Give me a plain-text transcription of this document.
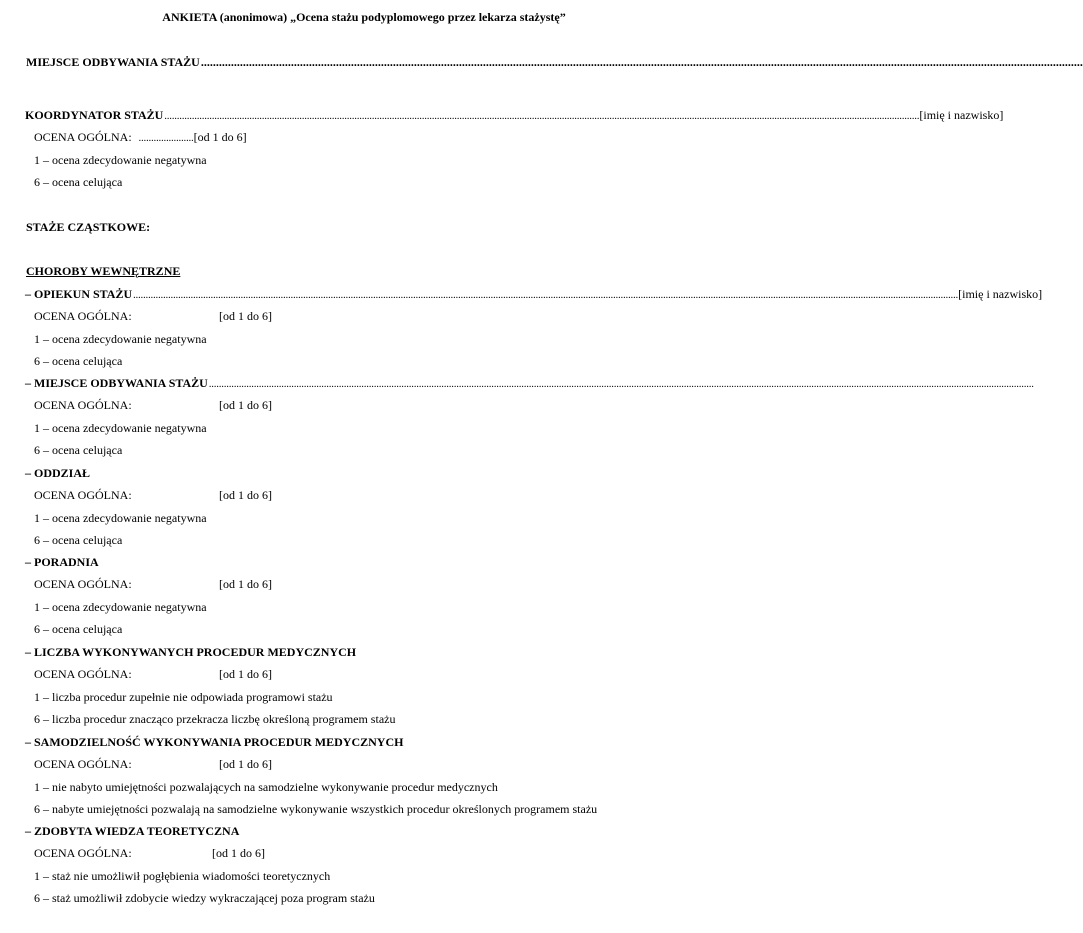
ANKIETA (anonimowa) „Ocena stażu podyplomowego przez lekarza stażystę”
MIEJSCE ODBYWANIA STAŻU ......................................................................................................................................................................................................................................................................................................
KOORDYNATOR STAŻU .............................................................................................................................................................................................................................................................................................................. [imię i nazwisko]
OCENA OGÓLNA: ......................[od 1 do 6]
1 – ocena zdecydowanie negatywna
6 – ocena celująca
STAŻE CZĄSTKOWE:
CHOROBY WEWNĘTRZNE
– OPIEKUN STAŻU .......................................................................................................................................................................................................................................................................................................................................... [imię i nazwisko]
OCENA OGÓLNA:	[od 1 do 6]
1 – ocena zdecydowanie negatywna
6 – ocena celująca
– MIEJSCE ODBYWANIA STAŻU ..........................................................................................................................................................................................................................................................................................................................................
OCENA OGÓLNA:	[od 1 do 6]
1 – ocena zdecydowanie negatywna
6 – ocena celująca
– ODDZIAŁ
OCENA OGÓLNA:	[od 1 do 6]
1 – ocena zdecydowanie negatywna
6 – ocena celująca
– PORADNIA
OCENA OGÓLNA:	[od 1 do 6]
1 – ocena zdecydowanie negatywna
6 – ocena celująca
– LICZBA WYKONYWANYCH PROCEDUR MEDYCZNYCH
OCENA OGÓLNA:	[od 1 do 6]
1 – liczba procedur zupełnie nie odpowiada programowi stażu
6 – liczba procedur znacząco przekracza liczbę określoną programem stażu
– SAMODZIELNOŚĆ WYKONYWANIA PROCEDUR MEDYCZNYCH
OCENA OGÓLNA:	[od 1 do 6]
1 – nie nabyto umiejętności pozwalających na samodzielne wykonywanie procedur medycznych
6 – nabyte umiejętności pozwalają na samodzielne wykonywanie wszystkich procedur określonych programem stażu
– ZDOBYTA WIEDZA TEORETYCZNA
OCENA OGÓLNA:	[od 1 do 6]
1 – staż nie umożliwił pogłębienia wiadomości teoretycznych
6 – staż umożliwił zdobycie wiedzy wykraczającej poza program stażu
